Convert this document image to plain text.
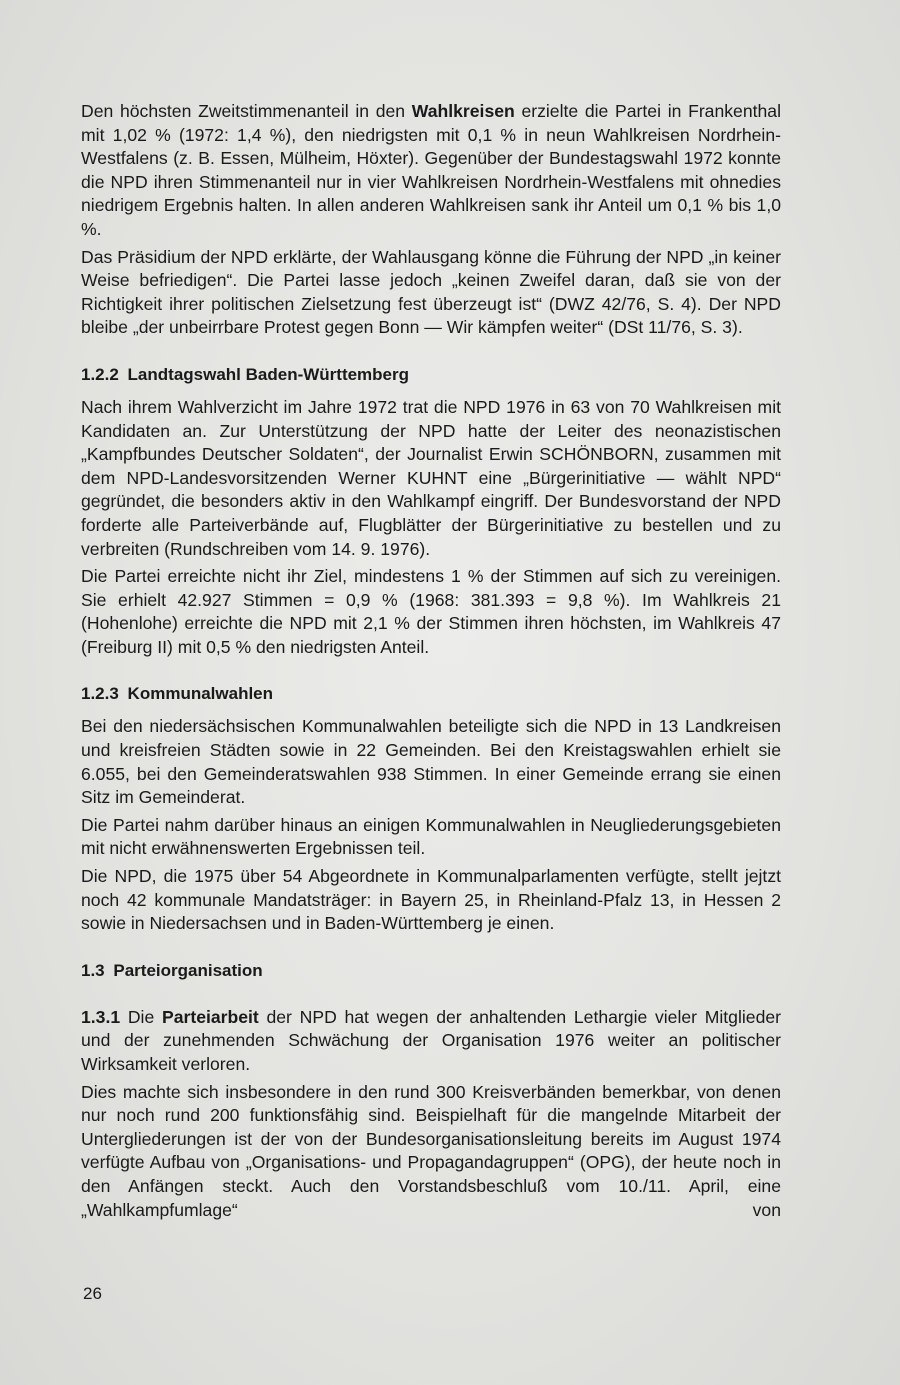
Den höchsten Zweitstimmenanteil in den Wahlkreisen erzielte die Partei in Frankenthal mit 1,02 % (1972: 1,4 %), den niedrigsten mit 0,1 % in neun Wahlkreisen Nordrhein-Westfalens (z. B. Essen, Mülheim, Höxter). Gegenüber der Bundestagswahl 1972 konnte die NPD ihren Stimmenanteil nur in vier Wahlkreisen Nordrhein-Westfalens mit ohnedies niedrigem Ergebnis halten. In allen anderen Wahlkreisen sank ihr Anteil um 0,1 % bis 1,0 %.

Das Präsidium der NPD erklärte, der Wahlausgang könne die Führung der NPD „in keiner Weise befriedigen“. Die Partei lasse jedoch „keinen Zweifel daran, daß sie von der Richtigkeit ihrer politischen Zielsetzung fest überzeugt ist“ (DWZ 42/76, S. 4). Der NPD bleibe „der unbeirrbare Protest gegen Bonn — Wir kämpfen weiter“ (DSt 11/76, S. 3).

1.2.2 Landtagswahl Baden-Württemberg

Nach ihrem Wahlverzicht im Jahre 1972 trat die NPD 1976 in 63 von 70 Wahlkreisen mit Kandidaten an. Zur Unterstützung der NPD hatte der Leiter des neonazistischen „Kampfbundes Deutscher Soldaten“, der Journalist Erwin SCHÖNBORN, zusammen mit dem NPD-Landesvorsitzenden Werner KUHNT eine „Bürgerinitiative — wählt NPD“ gegründet, die besonders aktiv in den Wahlkampf eingriff. Der Bundesvorstand der NPD forderte alle Parteiverbände auf, Flugblätter der Bürgerinitiative zu bestellen und zu verbreiten (Rundschreiben vom 14. 9. 1976).

Die Partei erreichte nicht ihr Ziel, mindestens 1 % der Stimmen auf sich zu vereinigen. Sie erhielt 42.927 Stimmen = 0,9 % (1968: 381.393 = 9,8 %). Im Wahlkreis 21 (Hohenlohe) erreichte die NPD mit 2,1 % der Stimmen ihren höchsten, im Wahlkreis 47 (Freiburg II) mit 0,5 % den niedrigsten Anteil.

1.2.3 Kommunalwahlen

Bei den niedersächsischen Kommunalwahlen beteiligte sich die NPD in 13 Landkreisen und kreisfreien Städten sowie in 22 Gemeinden. Bei den Kreistagswahlen erhielt sie 6.055, bei den Gemeinderatswahlen 938 Stimmen. In einer Gemeinde errang sie einen Sitz im Gemeinderat.

Die Partei nahm darüber hinaus an einigen Kommunalwahlen in Neugliederungsgebieten mit nicht erwähnenswerten Ergebnissen teil.

Die NPD, die 1975 über 54 Abgeordnete in Kommunalparlamenten verfügte, stellt jejtzt noch 42 kommunale Mandatsträger: in Bayern 25, in Rheinland-Pfalz 13, in Hessen 2 sowie in Niedersachsen und in Baden-Württemberg je einen.

1.3 Parteiorganisation

1.3.1 Die Parteiarbeit der NPD hat wegen der anhaltenden Lethargie vieler Mitglieder und der zunehmenden Schwächung der Organisation 1976 weiter an politischer Wirksamkeit verloren.

Dies machte sich insbesondere in den rund 300 Kreisverbänden bemerkbar, von denen nur noch rund 200 funktionsfähig sind. Beispielhaft für die mangelnde Mitarbeit der Untergliederungen ist der von der Bundesorganisationsleitung bereits im August 1974 verfügte Aufbau von „Organisations- und Propagandagruppen“ (OPG), der heute noch in den Anfängen steckt. Auch den Vorstandsbeschluß vom 10./11. April, eine „Wahlkampfumlage“ von

26
